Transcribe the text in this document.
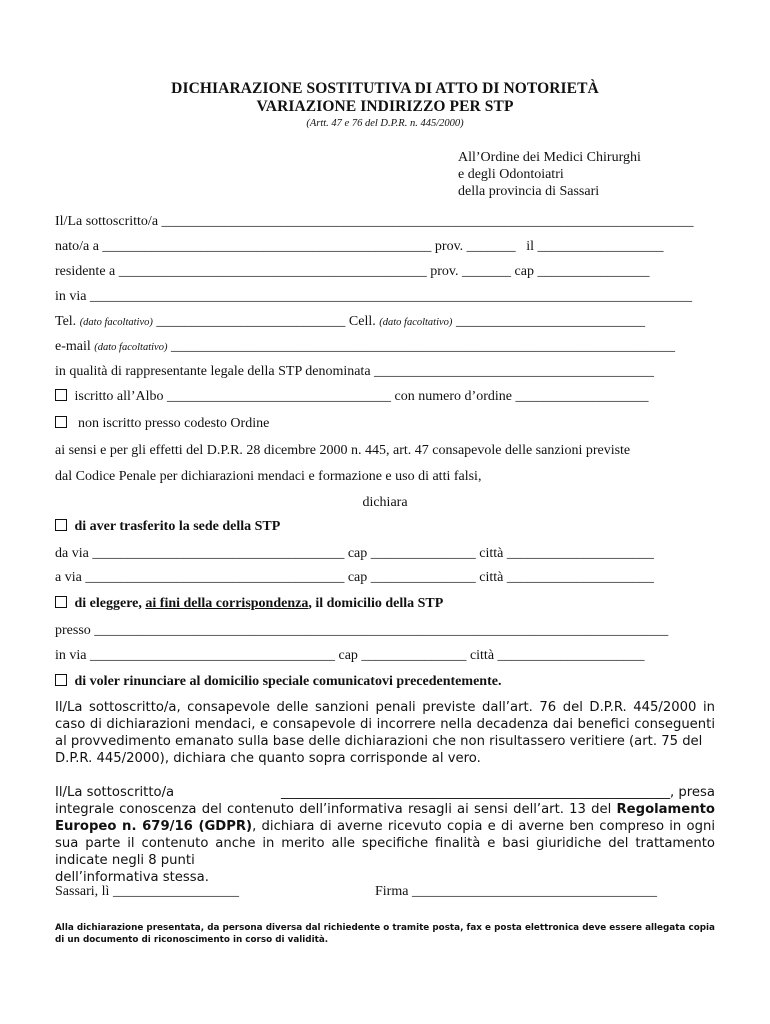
DICHIARAZIONE SOSTITUTIVA DI ATTO DI NOTORIETÀ
VARIAZIONE INDIRIZZO PER STP
(Artt. 47 e 76 del D.P.R. n. 445/2000)
All’Ordine dei Medici Chirurghi
e degli Odontoiatri
della provincia di Sassari
Il/La sottoscritto/a ____________________________________________________________________________
nato/a a _______________________________________________ prov. _______ il __________________
residente a ____________________________________________ prov. _______ cap ________________
in via ______________________________________________________________________________________
Tel. (dato facoltativo) ___________________________ Cell. (dato facoltativo) ___________________________
e-mail (dato facoltativo) ________________________________________________________________________
in qualità di rappresentante legale della STP denominata ________________________________________
iscritto all’Albo ________________________________ con numero d’ordine ___________________
non iscritto presso codesto Ordine
ai sensi e per gli effetti del D.P.R. 28 dicembre 2000 n. 445, art. 47 consapevole delle sanzioni previste
dal Codice Penale per dichiarazioni mendaci e formazione e uso di atti falsi,
dichiara
di aver trasferito la sede della STP
da via ____________________________________ cap _______________ città _____________________
a via _____________________________________ cap _______________ città _____________________
di eleggere, ai fini della corrispondenza, il domicilio della STP
presso __________________________________________________________________________________
in via ___________________________________ cap _______________ città _____________________
di voler rinunciare al domicilio speciale comunicatovi precedentemente.
Il/La sottoscritto/a, consapevole delle sanzioni penali previste dall’art. 76 del D.P.R. 445/2000 in caso di dichiarazioni mendaci, e consapevole di incorrere nella decadenza dai benefici conseguenti al provvedimento emanato sulla base delle dichiarazioni che non risultassero veritiere (art. 75 del
D.P.R. 445/2000), dichiara che quanto sopra corrisponde al vero.
Il/La sottoscritto/a	___________________________________________________________, presa
integrale conoscenza del contenuto dell’informativa resagli ai sensi dell’art. 13 del Regolamento Europeo n. 679/16 (GDPR), dichiara di averne ricevuto copia e di averne ben compreso in ogni sua parte il contenuto anche in merito alle specifiche finalità e basi giuridiche del trattamento indicate negli 8 punti
dell’informativa stessa.
Sassari, lì __________________	Firma ___________________________________
Alla dichiarazione presentata, da persona diversa dal richiedente o tramite posta, fax e posta elettronica deve essere allegata copia di un documento di riconoscimento in corso di validità.
